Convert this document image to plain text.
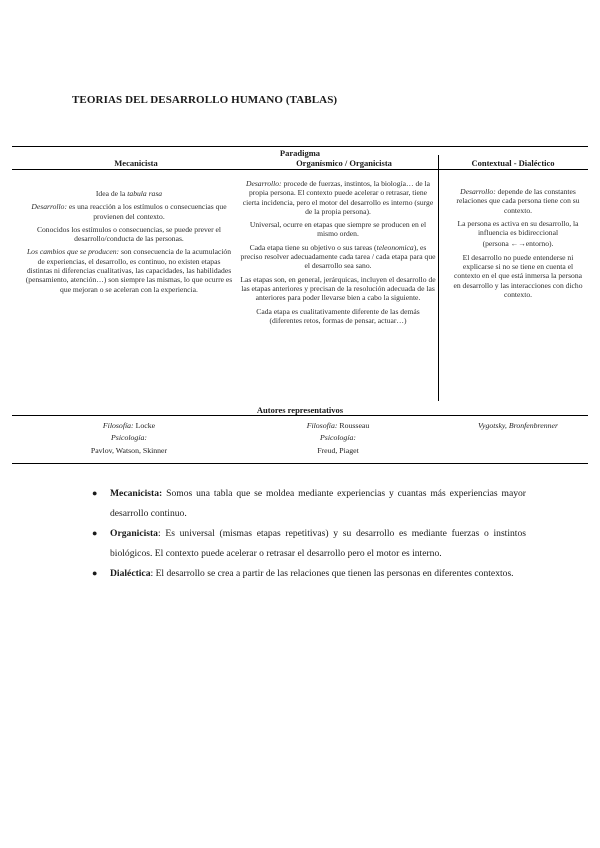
TEORIAS DEL DESARROLLO HUMANO (TABLAS)
Paradigma
Mecanicista	Organísmico / Organicista	Contextual - Dialéctico

Idea de la tabula rasa

Desarrollo: es una reacción a los estímulos o consecuencias que provienen del contexto.

Conocidos los estímulos o consecuencias, se puede prever el desarrollo/conducta de las personas.

Los cambios que se producen: son consecuencia de la acumulación de experiencias, el desarrollo, es continuo, no existen etapas distintas ni diferencias cualitativas, las capacidades, las habilidades (pensamiento, atención…) son siempre las mismas, lo que ocurre es que mejoran o se aceleran con la experiencia.

Desarrollo: procede de fuerzas, instintos, la biología… de la propia persona. El contexto puede acelerar o retrasar, tiene cierta incidencia, pero el motor del desarrollo es interno (surge de la propia persona).

Universal, ocurre en etapas que siempre se producen en el mismo orden.

Cada etapa tiene su objetivo o sus tareas (teleonomica), es preciso resolver adecuadamente cada tarea / cada etapa para que el desarrollo sea sano.

Las etapas son, en general, jerárquicas, incluyen el desarrollo de las etapas anteriores y precisan de la resolución adecuada de las anteriores para poder llevarse bien a cabo la siguiente.

Cada etapa es cualitativamente diferente de las demás (diferentes retos, formas de pensar, actuar…)

Desarrollo: depende de las constantes relaciones que cada persona tiene con su contexto.

La persona es activa en su desarrollo, la influencia es bidireccional

(persona ←→entorno).

El desarrollo no puede entenderse ni explicarse si no se tiene en cuenta el contexto en el que está inmersa la persona en desarrollo y las interacciones con dicho contexto.

Autores representativos
Filosofía: Locke
Psicología:
Pavlov, Watson, Skinner
Filosofía: Rousseau
Psicología:
Freud, Piaget
Vygotsky, Bronfenbrenner
● Mecanicista: Somos una tabla que se moldea mediante experiencias y cuantas más experiencias mayor desarrollo continuo.
● Organicista: Es universal (mismas etapas repetitivas) y su desarrollo es mediante fuerzas o instintos biológicos. El contexto puede acelerar o retrasar el desarrollo pero el motor es interno.
● Dialéctica: El desarrollo se crea a partir de las relaciones que tienen las personas en diferentes contextos.
